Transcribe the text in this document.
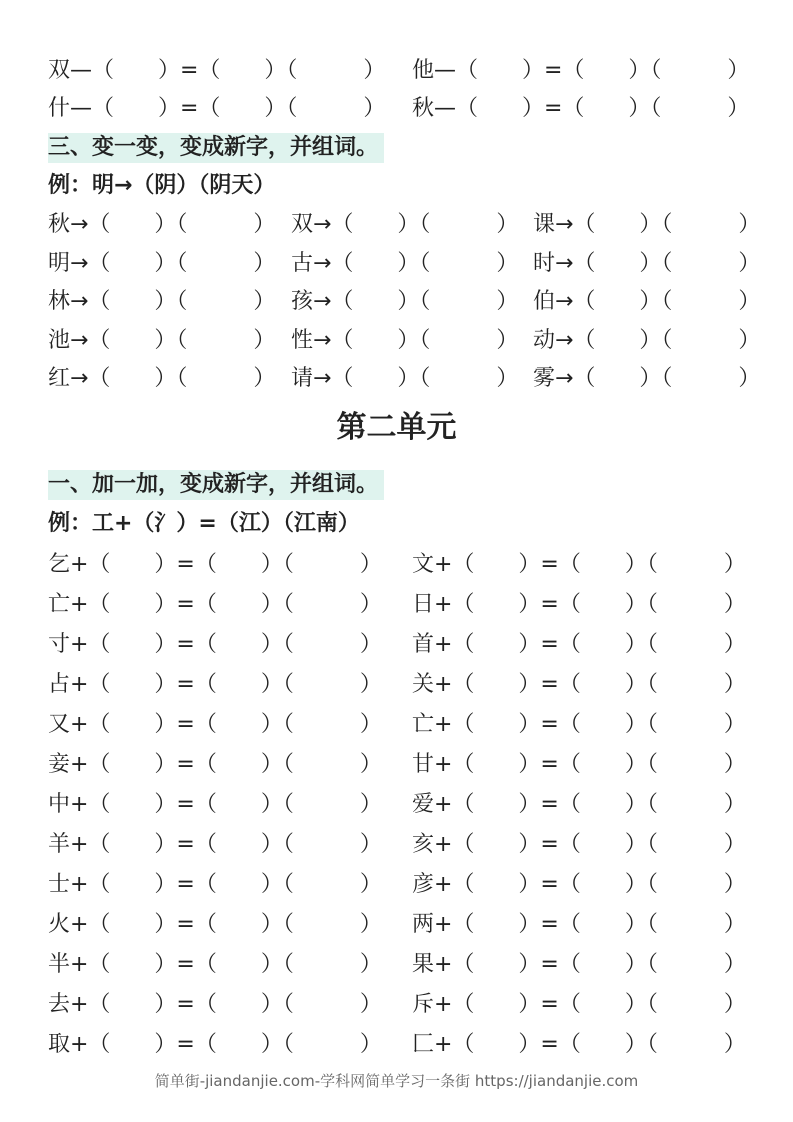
双—（　　）=（　　）（　　　） 他—（　　）=（　　）（　　　）
什—（　　）=（　　）（　　　） 秋—（　　）=（　　）（　　　）
三、变一变，变成新字，并组词。
例：明→（阴）（阴天）
秋→（　　）（　　　） 双→（　　）（　　　） 课→（　　）（　　　）
明→（　　）（　　　） 古→（　　）（　　　） 时→（　　）（　　　）
林→（　　）（　　　） 孩→（　　）（　　　） 伯→（　　）（　　　）
池→（　　）（　　　） 性→（　　）（　　　） 动→（　　）（　　　）
红→（　　）（　　　） 请→（　　）（　　　） 雾→（　　）（　　　）
第二单元
一、加一加，变成新字，并组词。
例：工+（氵）=（江）（江南）
乞+（　　）=（　　）（　　　） 文+（　　）=（　　）（　　　）
亡+（　　）=（　　）（　　　） 日+（　　）=（　　）（　　　）
寸+（　　）=（　　）（　　　） 首+（　　）=（　　）（　　　）
占+（　　）=（　　）（　　　） 关+（　　）=（　　）（　　　）
又+（　　）=（　　）（　　　） 亡+（　　）=（　　）（　　　）
妾+（　　）=（　　）（　　　） 甘+（　　）=（　　）（　　　）
中+（　　）=（　　）（　　　） 爱+（　　）=（　　）（　　　）
羊+（　　）=（　　）（　　　） 亥+（　　）=（　　）（　　　）
士+（　　）=（　　）（　　　） 彦+（　　）=（　　）（　　　）
火+（　　）=（　　）（　　　） 两+（　　）=（　　）（　　　）
半+（　　）=（　　）（　　　） 果+（　　）=（　　）（　　　）
去+（　　）=（　　）（　　　） 斥+（　　）=（　　）（　　　）
取+（　　）=（　　）（　　　） 匚+（　　）=（　　）（　　　）
简单街-jiandanjie.com-学科网简单学习一条街 https://jiandanjie.com
